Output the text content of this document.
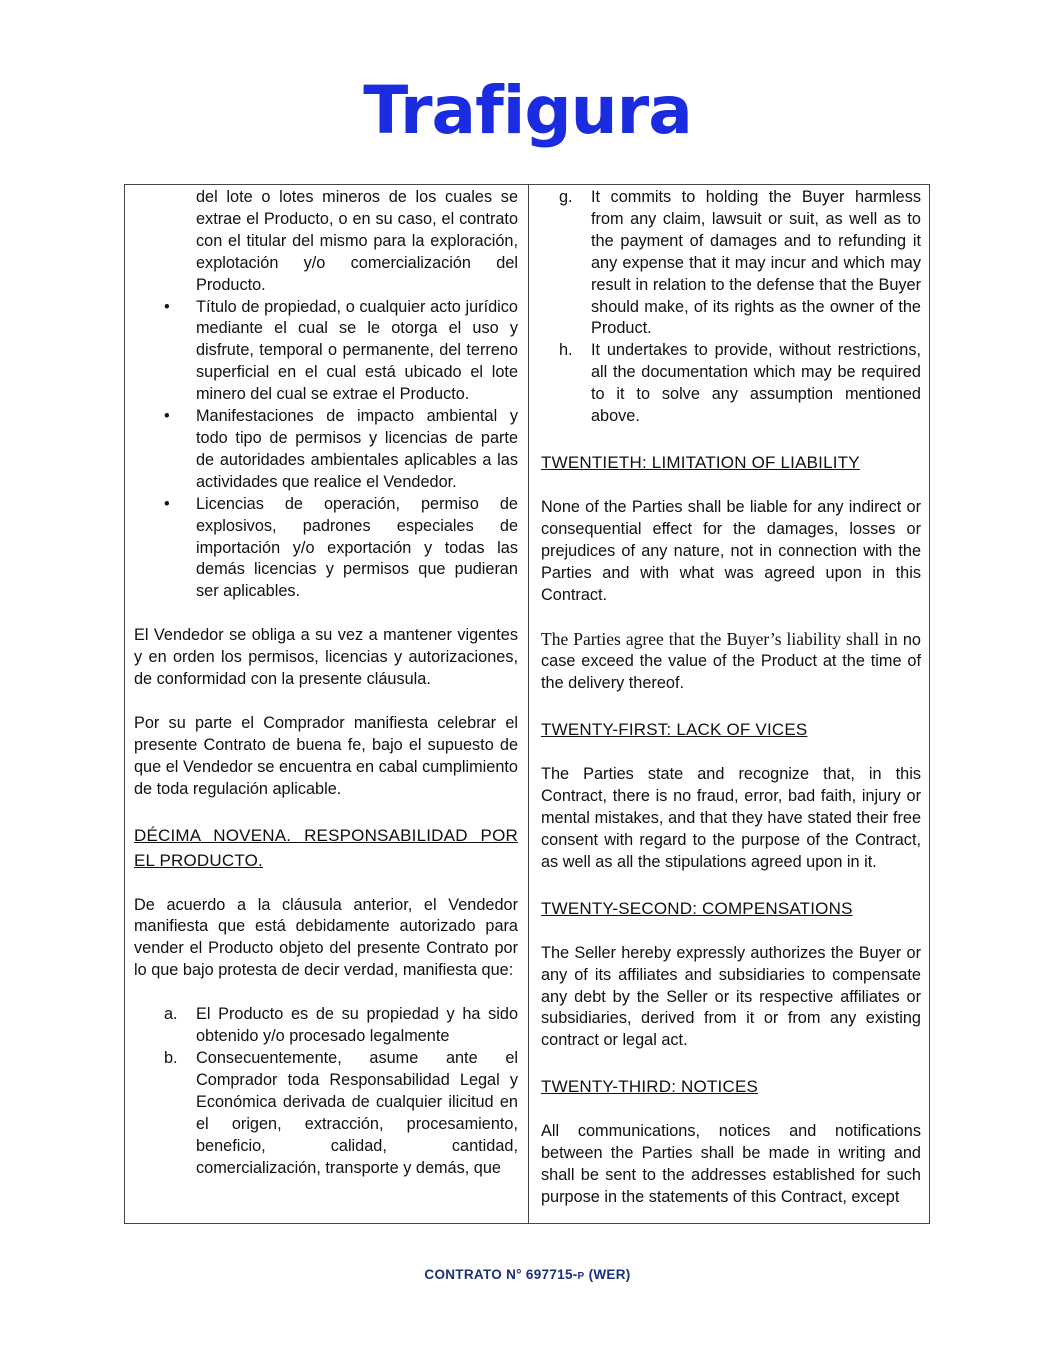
Trafigura
del lote o lotes mineros de los cuales se extrae el Producto, o en su caso, el contrato con el titular del mismo para la exploración, explotación y/o comercialización del Producto.
• Título de propiedad, o cualquier acto jurídico mediante el cual se le otorga el uso y disfrute, temporal o permanente, del terreno superficial en el cual está ubicado el lote minero del cual se extrae el Producto.
• Manifestaciones de impacto ambiental y todo tipo de permisos y licencias de parte de autoridades ambientales aplicables a las actividades que realice el Vendedor.
• Licencias de operación, permiso de explosivos, padrones especiales de importación y/o exportación y todas las demás licencias y permisos que pudieran ser aplicables.

El Vendedor se obliga a su vez a mantener vigentes y en orden los permisos, licencias y autorizaciones, de conformidad con la presente cláusula.

Por su parte el Comprador manifiesta celebrar el presente Contrato de buena fe, bajo el supuesto de que el Vendedor se encuentra en cabal cumplimiento de toda regulación aplicable.

DÉCIMA NOVENA. RESPONSABILIDAD POR EL PRODUCTO.

De acuerdo a la cláusula anterior, el Vendedor manifiesta que está debidamente autorizado para vender el Producto objeto del presente Contrato por lo que bajo protesta de decir verdad, manifiesta que:

a. El Producto es de su propiedad y ha sido obtenido y/o procesado legalmente
b. Consecuentemente, asume ante el Comprador toda Responsabilidad Legal y Económica derivada de cualquier ilicitud en el origen, extracción, procesamiento, beneficio, calidad, cantidad, comercialización, transporte y demás, que
g. It commits to holding the Buyer harmless from any claim, lawsuit or suit, as well as to the payment of damages and to refunding it any expense that it may incur and which may result in relation to the defense that the Buyer should make, of its rights as the owner of the Product.
h. It undertakes to provide, without restrictions, all the documentation which may be required to it to solve any assumption mentioned above.

TWENTIETH: LIMITATION OF LIABILITY

None of the Parties shall be liable for any indirect or consequential effect for the damages, losses or prejudices of any nature, not in connection with the Parties and with what was agreed upon in this Contract.

The Parties agree that the Buyer’s liability shall in no case exceed the value of the Product at the time of the delivery thereof.

TWENTY-FIRST: LACK OF VICES

The Parties state and recognize that, in this Contract, there is no fraud, error, bad faith, injury or mental mistakes, and that they have stated their free consent with regard to the purpose of the Contract, as well as all the stipulations agreed upon in it.

TWENTY-SECOND: COMPENSATIONS

The Seller hereby expressly authorizes the Buyer or any of its affiliates and subsidiaries to compensate any debt by the Seller or its respective affiliates or subsidiaries, derived from it or from any existing contract or legal act.

TWENTY-THIRD: NOTICES

All communications, notices and notifications between the Parties shall be made in writing and shall be sent to the addresses established for such purpose in the statements of this Contract, except

CONTRATO N° 697715-P (WER)
